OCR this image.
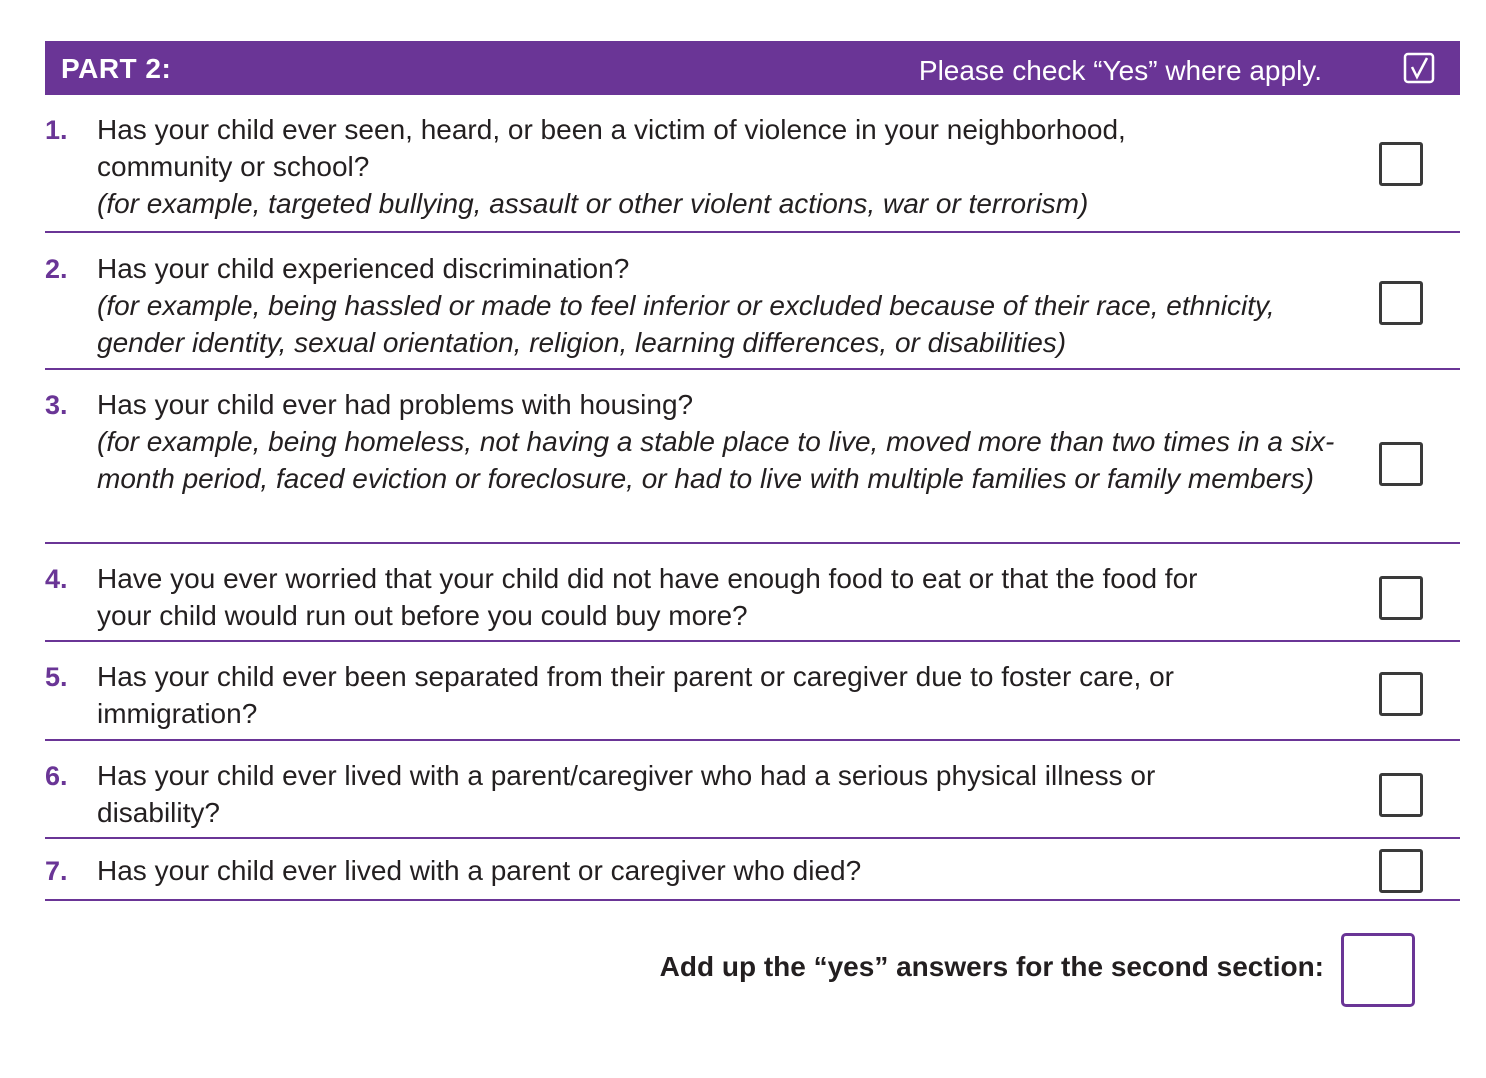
PART 2:	Please check “Yes” where apply.
1. Has your child ever seen, heard, or been a victim of violence in your neighborhood,
community or school?
(for example, targeted bullying, assault or other violent actions, war or terrorism)
2. Has your child experienced discrimination?
(for example, being hassled or made to feel inferior or excluded because of their race, ethnicity, gender identity, sexual orientation, religion, learning differences, or disabilities)
3. Has your child ever had problems with housing?
(for example, being homeless, not having a stable place to live, moved more than two times in a six-month period, faced eviction or foreclosure, or had to live with multiple families or family members)
4. Have you ever worried that your child did not have enough food to eat or that the food for
your child would run out before you could buy more?
5. Has your child ever been separated from their parent or caregiver due to foster care, or
immigration?
6. Has your child ever lived with a parent/caregiver who had a serious physical illness or
disability?
7. Has your child ever lived with a parent or caregiver who died?
Add up the “yes” answers for the second section:
